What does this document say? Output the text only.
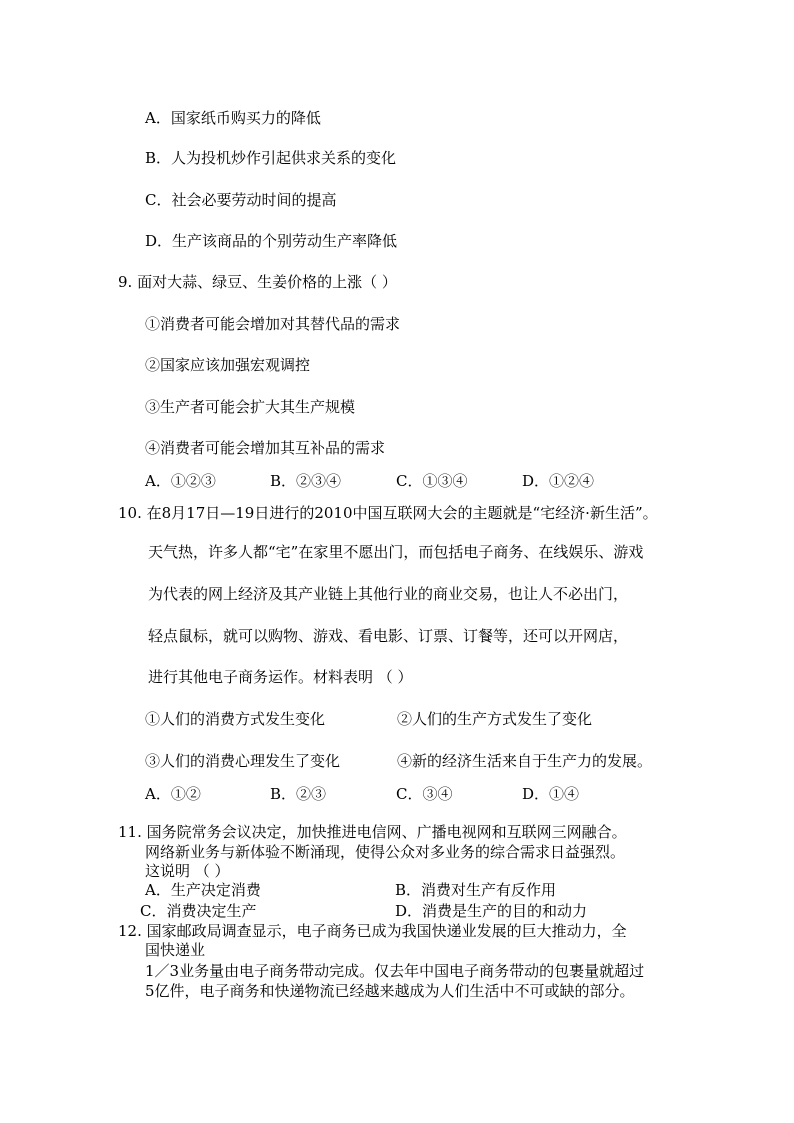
A．国家纸币购买力的降低
B．人为投机炒作引起供求关系的变化
C．社会必要劳动时间的提高
D．生产该商品的个别劳动生产率降低
9. 面对大蒜、绿豆、生姜价格的上涨（ ）
①消费者可能会增加对其替代品的需求
②国家应该加强宏观调控
③生产者可能会扩大其生产规模
④消费者可能会增加其互补品的需求
A．①②③	B．②③④	C．①③④	D．①②④
10. 在8月17日—19日进行的2010中国互联网大会的主题就是“宅经济·新生活”。
天气热，许多人都“宅”在家里不愿出门，而包括电子商务、在线娱乐、游戏
为代表的网上经济及其产业链上其他行业的商业交易，也让人不必出门，
轻点鼠标，就可以购物、游戏、看电影、订票、订餐等，还可以开网店，
进行其他电子商务运作。材料表明 （ ）
①人们的消费方式发生变化	②人们的生产方式发生了变化
③人们的消费心理发生了变化	④新的经济生活来自于生产力的发展。
A．①②	B．②③	C．③④	D．①④
11. 国务院常务会议决定，加快推进电信网、广播电视网和互联网三网融合。
网络新业务与新体验不断涌现，使得公众对多业务的综合需求日益强烈。
这说明 （ ）
A．生产决定消费	B．消费对生产有反作用
C．消费决定生产	D．消费是生产的目的和动力
12. 国家邮政局调查显示，电子商务已成为我国快递业发展的巨大推动力，全
国快递业
1／3业务量由电子商务带动完成。仅去年中国电子商务带动的包裹量就超过
5亿件，电子商务和快递物流已经越来越成为人们生活中不可或缺的部分。
